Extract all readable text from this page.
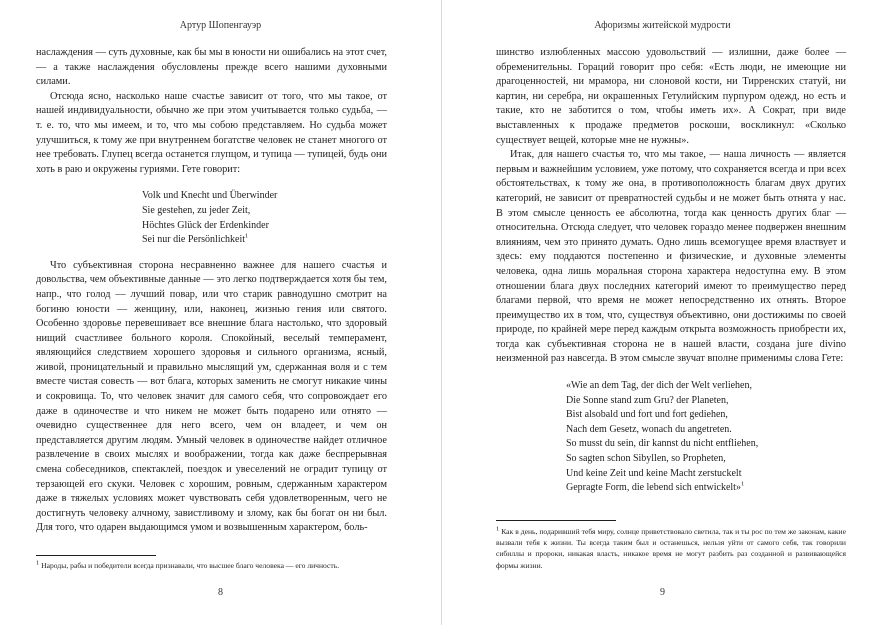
Артур Шопенгауэр

наслаждения — суть духовные, как бы мы в юности ни ошибались на этот счет, — а также наслаждения обусловлены прежде всего нашими духовными силами.

Отсюда ясно, насколько наше счастье зависит от того, что мы такое, от нашей индивидуальности, обычно же при этом учитывается только судьба, — т. е. то, что мы имеем, и то, что мы собою представляем. Но судьба может улучшиться, к тому же при внутреннем богатстве человек не станет многого от нее требовать. Глупец всегда останется глупцом, и тупица — тупицей, будь они хоть в раю и окружены гуриями. Гете говорит:

Volk und Knecht und Überwinder
Sie gestehen, zu jeder Zeit,
Höchtes Glück der Erdenkinder
Sei nur die Persönlichkeit$^1$

Что субъективная сторона несравненно важнее для нашего счастья и довольства, чем объективные данные — это легко подтверждается хотя бы тем, напр., что голод — лучший повар, или что старик равнодушно смотрит на богиню юности — женщину, или, наконец, жизнью гения или святого. Особенно здоровье перевешивает все внешние блага настолько, что здоровый нищий счастливее больного короля. Спокойный, веселый темперамент, являющийся следствием хорошего здоровья и сильного организма, ясный, живой, проницательный и правильно мыслящий ум, сдержанная воля и с тем вместе чистая совесть — вот блага, которых заменить не смогут никакие чины и сокровища. То, что человек значит для самого себя, что сопровождает его даже в одиночестве и что никем не может быть подарено или отнято — очевидно существеннее для него всего, чем он владеет, и чем он представляется другим людям. Умный человек в одиночестве найдет отличное развлечение в своих мыслях и воображении, тогда как даже беспрерывная смена собеседников, спектаклей, поездок и увеселений не оградит тупицу от терзающей его скуки. Человек с хорошим, ровным, сдержанным характером даже в тяжелых условиях может чувствовать себя удовлетворенным, чего не достигнуть человеку алчному, завистливому и злому, как бы богат он ни был. Для того, что одарен выдающимся умом и возвышенным характером, боль-

$^1$ Народы, рабы и победители всегда признавали, что высшее благо человека — его личность.
8
Афоризмы житейской мудрости

шинство излюбленных массою удовольствий — излишни, даже более — обременительны. Гораций говорит про себя: «Есть люди, не имеющие ни драгоценностей, ни мрамора, ни слоновой кости, ни Тирренских статуй, ни картин, ни серебра, ни окрашенных Гетулийским пурпуром одежд, но есть и такие, кто не заботится о том, чтобы иметь их». А Сократ, при виде выставленных к продаже предметов роскоши, воскликнул: «Сколько существует вещей, которые мне не нужны».

Итак, для нашего счастья то, что мы такое, — наша личность — является первым и важнейшим условием, уже потому, что сохраняется всегда и при всех обстоятельствах, к тому же она, в противоположность благам двух других категорий, не зависит от превратностей судьбы и не может быть отнята у нас. В этом смысле ценность ее абсолютна, тогда как ценность других благ — относительна. Отсюда следует, что человек гораздо менее подвержен внешним влияниям, чем это принято думать. Одно лишь всемогущее время властвует и здесь: ему поддаются постепенно и физические, и духовные элементы человека, одна лишь моральная сторона характера недоступна ему. В этом отношении блага двух последних категорий имеют то преимущество перед благами первой, что время не может непосредственно их отнять. Второе преимущество их в том, что, существуя объективно, они достижимы по своей природе, по крайней мере перед каждым открыта возможность приобрести их, тогда как субъективная сторона не в нашей власти, создана jure divino неизменной раз навсегда. В этом смысле звучат вполне применимы слова Гете:

«Wie an dem Tag, der dich der Welt verliehen,
Die Sonne stand zum Gru? der Planeten,
Bist alsobald und fort und fort gediehen,
Nach dem Gesetz, wonach du angetreten.
So musst du sein, dir kannst du nicht entfliehen,
So sagten schon Sibyllen, so Propheten,
Und keine Zeit und keine Macht zerstuckelt
Gepragte Form, die lebend sich entwickelt»$^1$
$^1$ Как в день, подаривший тебя миру, солнце приветствовало светила, так и ты рос по тем же законам, какие вызвали тебя к жизни. Ты всегда таким был и останешься, нельзя уйти от самого себя, так говорили сибиллы и пророки, никакая власть, никакое время не могут разбить раз созданной и развивающейся формы жизни.
9
